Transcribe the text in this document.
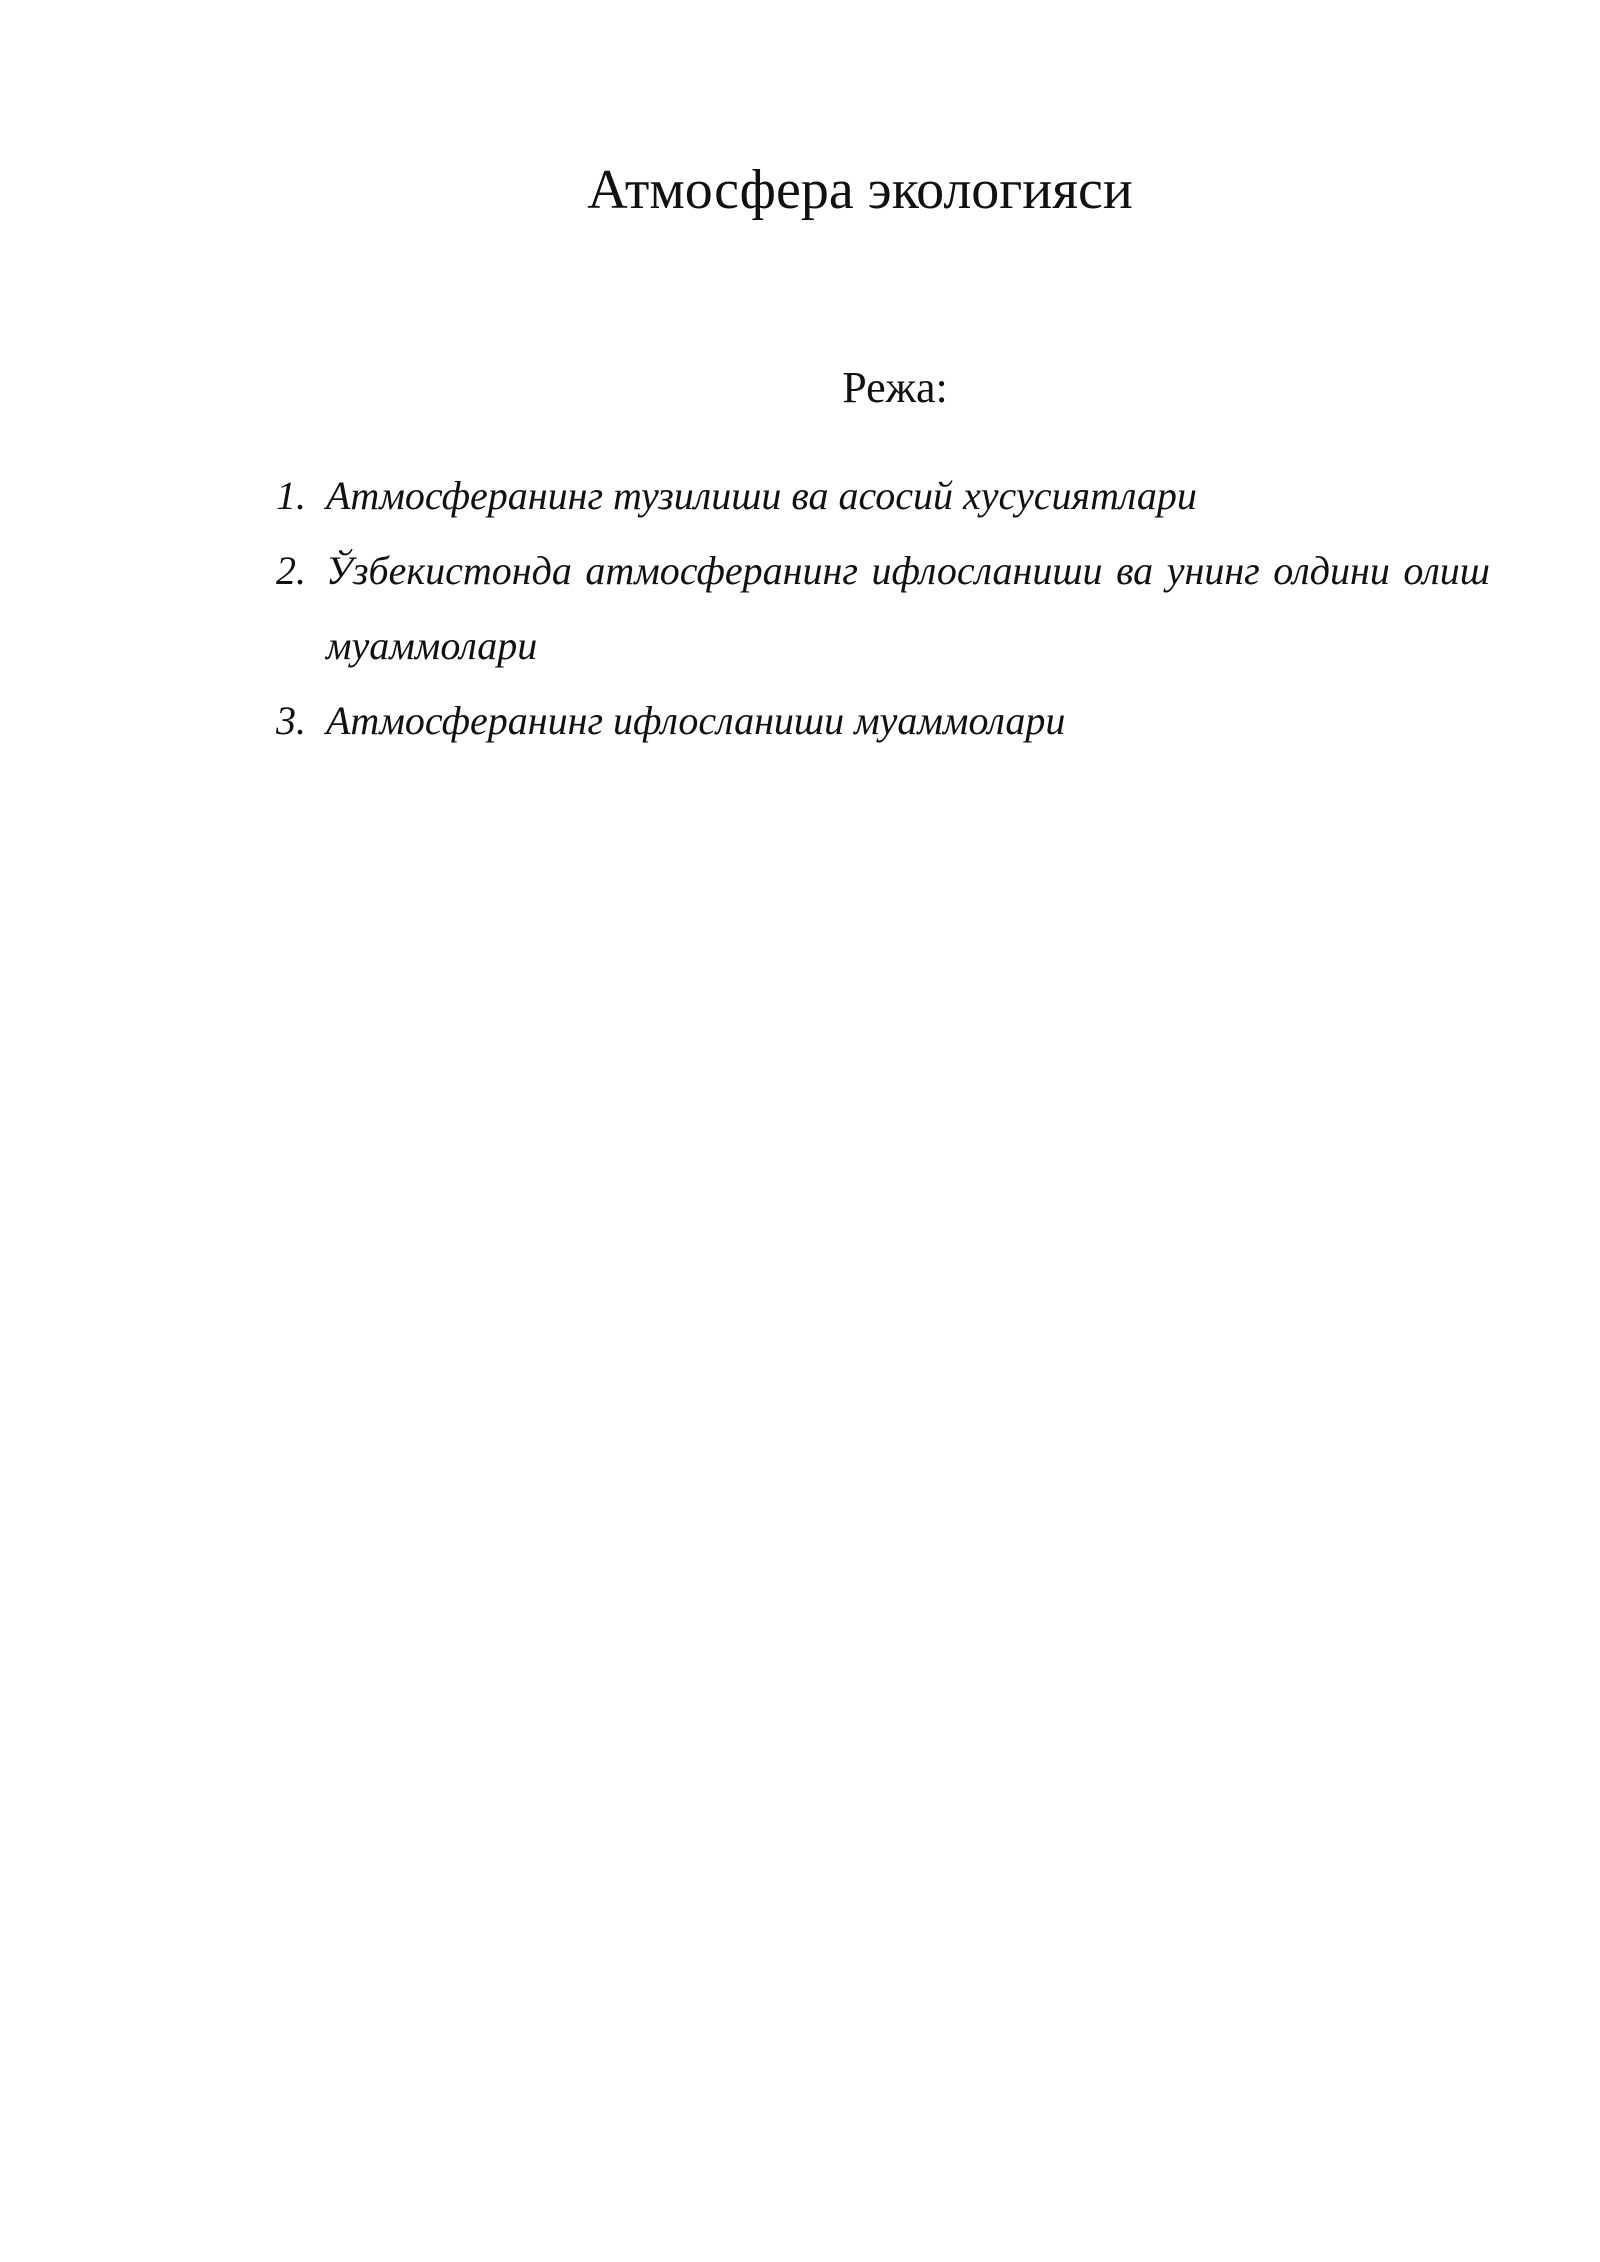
Атмосфера экологияси
Режа:
1. Атмосферанинг тузилиши ва асосий хусусиятлари
2. Ўзбекистонда атмосферанинг ифлосланиши ва унинг олдини олиш муаммолари
3. Атмосферанинг ифлосланиши муаммолари
